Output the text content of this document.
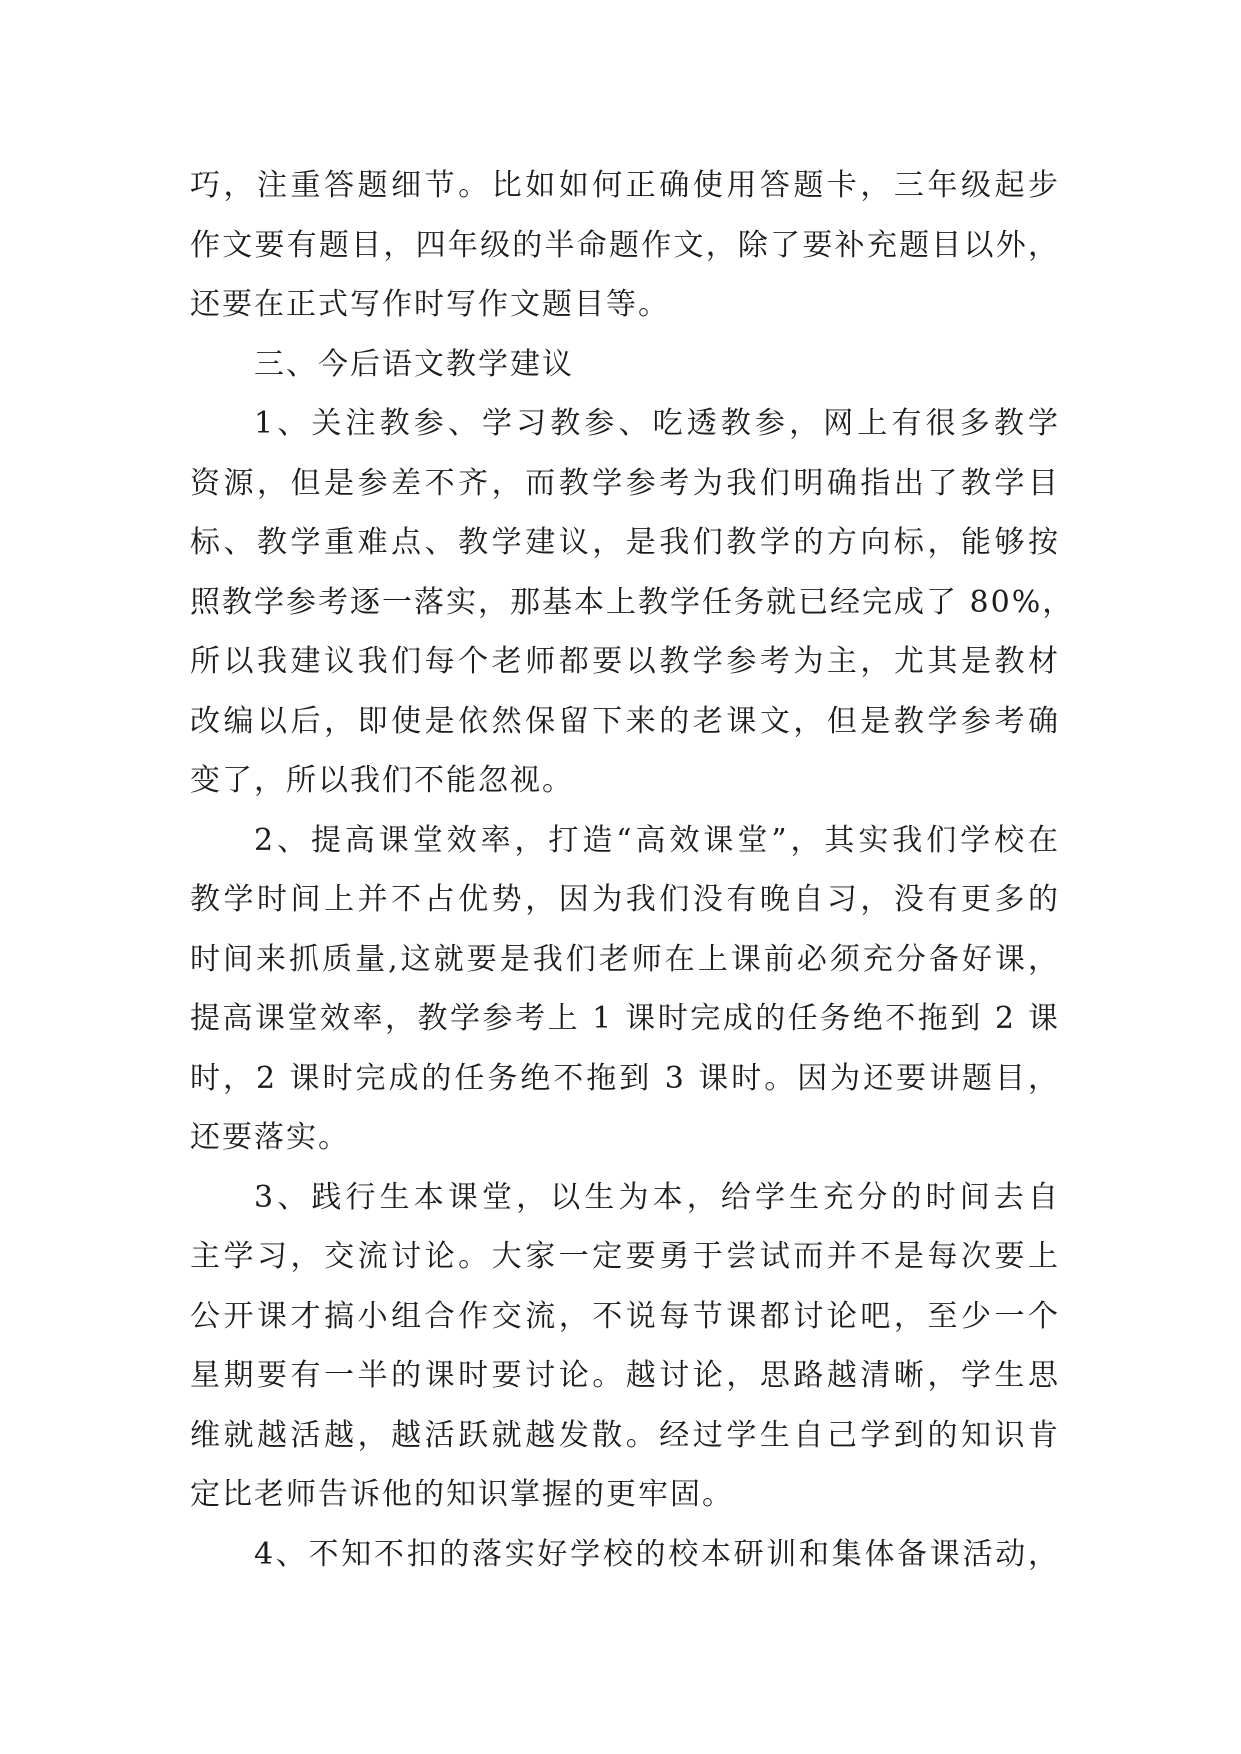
巧，注重答题细节。比如如何正确使用答题卡，三年级起步
作文要有题目，四年级的半命题作文，除了要补充题目以外，
还要在正式写作时写作文题目等。
三、今后语文教学建议
1、关注教参、学习教参、吃透教参，网上有很多教学
资源，但是参差不齐，而教学参考为我们明确指出了教学目
标、教学重难点、教学建议，是我们教学的方向标，能够按
照教学参考逐一落实，那基本上教学任务就已经完成了 80%，
所以我建议我们每个老师都要以教学参考为主，尤其是教材
改编以后，即使是依然保留下来的老课文，但是教学参考确
变了，所以我们不能忽视。
2、提高课堂效率，打造“高效课堂”，其实我们学校在
教学时间上并不占优势，因为我们没有晚自习，没有更多的
时间来抓质量,这就要是我们老师在上课前必须充分备好课，
提高课堂效率，教学参考上 1 课时完成的任务绝不拖到 2 课
时，2 课时完成的任务绝不拖到 3 课时。因为还要讲题目，
还要落实。
3、践行生本课堂，以生为本，给学生充分的时间去自
主学习，交流讨论。大家一定要勇于尝试而并不是每次要上
公开课才搞小组合作交流，不说每节课都讨论吧，至少一个
星期要有一半的课时要讨论。越讨论，思路越清晰，学生思
维就越活越，越活跃就越发散。经过学生自己学到的知识肯
定比老师告诉他的知识掌握的更牢固。
4、不知不扣的落实好学校的校本研训和集体备课活动，
